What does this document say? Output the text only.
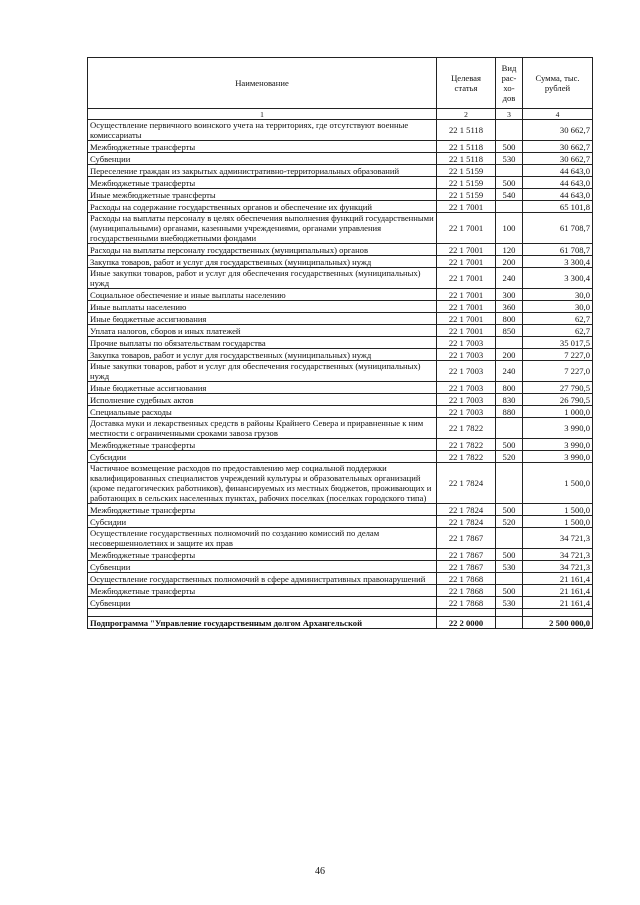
Наименование	Целевая статья	Вид рас- хо- дов	Сумма, тыс. рублей
1	2	3	4
Осуществление первичного воинского учета на территориях, где отсутствуют военные комиссариаты	22 1 5118		30 662,7
Межбюджетные трансферты	22 1 5118	500	30 662,7
Субвенции	22 1 5118	530	30 662,7
Переселение граждан из закрытых административно-территориальных образований	22 1 5159		44 643,0
Межбюджетные трансферты	22 1 5159	500	44 643,0
Иные межбюджетные трансферты	22 1 5159	540	44 643,0
Расходы на содержание государственных органов и обеспечение их функций	22 1 7001		65 101,8
Расходы на выплаты персоналу в целях обеспечения выполнения функций государственными (муниципальными) органами, казенными учреждениями, органами управления государственными внебюджетными фондами	22 1 7001	100	61 708,7
Расходы на выплаты персоналу государственных (муниципальных) органов	22 1 7001	120	61 708,7
Закупка товаров, работ и услуг для государственных (муниципальных) нужд	22 1 7001	200	3 300,4
Иные закупки товаров, работ и услуг для обеспечения государственных (муниципальных) нужд	22 1 7001	240	3 300,4
Социальное обеспечение и иные выплаты населению	22 1 7001	300	30,0
Иные выплаты населению	22 1 7001	360	30,0
Иные бюджетные ассигнования	22 1 7001	800	62,7
Уплата налогов, сборов и иных платежей	22 1 7001	850	62,7
Прочие выплаты по обязательствам государства	22 1 7003		35 017,5
Закупка товаров, работ и услуг для государственных (муниципальных) нужд	22 1 7003	200	7 227,0
Иные закупки товаров, работ и услуг для обеспечения государственных (муниципальных) нужд	22 1 7003	240	7 227,0
Иные бюджетные ассигнования	22 1 7003	800	27 790,5
Исполнение судебных актов	22 1 7003	830	26 790,5
Специальные расходы	22 1 7003	880	1 000,0
Доставка муки и лекарственных средств в районы Крайнего Севера и приравненные к ним местности с ограниченными сроками завоза грузов	22 1 7822		3 990,0
Межбюджетные трансферты	22 1 7822	500	3 990,0
Субсидии	22 1 7822	520	3 990,0
Частичное возмещение расходов по предоставлению мер социальной поддержки квалифицированных специалистов учреждений культуры и образовательных организаций (кроме педагогических работников), финансируемых из местных бюджетов, проживающих и работающих в сельских населенных пунктах, рабочих поселках (поселках городского типа)	22 1 7824		1 500,0
Межбюджетные трансферты	22 1 7824	500	1 500,0
Субсидии	22 1 7824	520	1 500,0
Осуществление государственных полномочий по созданию комиссий по делам несовершеннолетних и защите их прав	22 1 7867		34 721,3
Межбюджетные трансферты	22 1 7867	500	34 721,3
Субвенции	22 1 7867	530	34 721,3
Осуществление государственных полномочий в сфере административных правонарушений	22 1 7868		21 161,4
Межбюджетные трансферты	22 1 7868	500	21 161,4
Субвенции	22 1 7868	530	21 161,4

Подпрограмма "Управление государственным долгом Архангельской	22 2 0000		2 500 000,0
46
